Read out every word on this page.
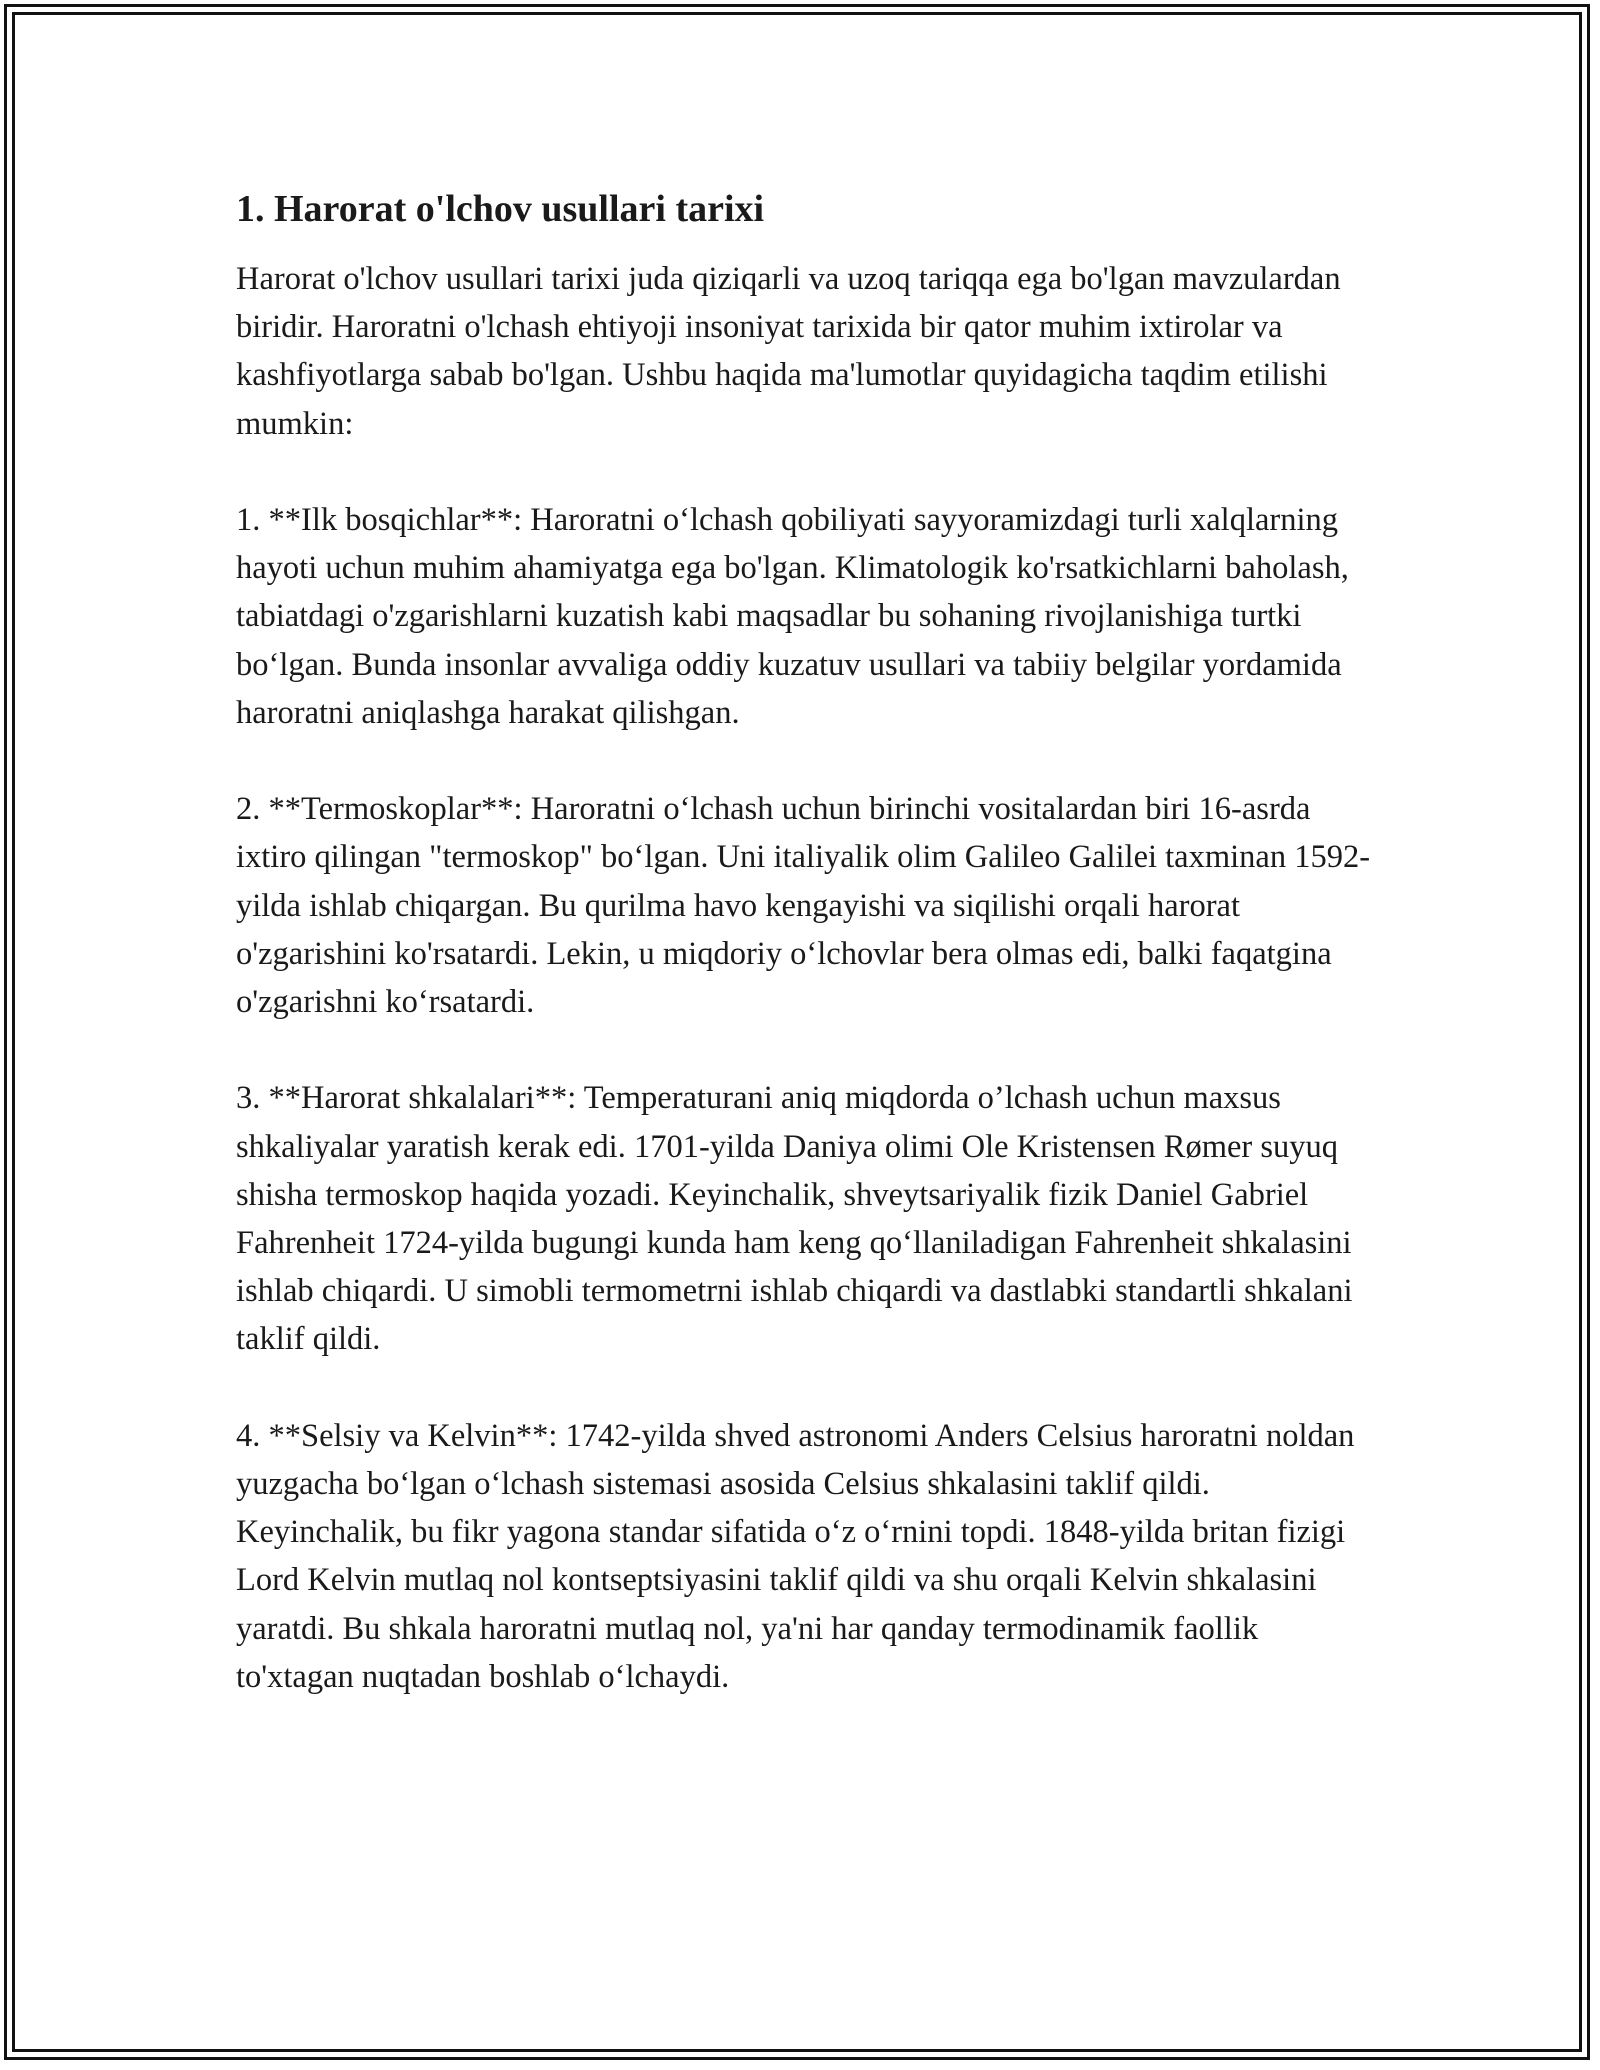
1. Harorat o'lchov usullari tarixi

Harorat o'lchov usullari tarixi juda qiziqarli va uzoq tariqqa ega bo'lgan mavzulardan biridir. Haroratni o'lchash ehtiyoji insoniyat tarixida bir qator muhim ixtirolar va kashfiyotlarga sabab bo'lgan. Ushbu haqida ma'lumotlar quyidagicha taqdim etilishi mumkin:

1. **Ilk bosqichlar**: Haroratni o‘lchash qobiliyati sayyoramizdagi turli xalqlarning hayoti uchun muhim ahamiyatga ega bo'lgan. Klimatologik ko'rsatkichlarni baholash, tabiatdagi o'zgarishlarni kuzatish kabi maqsadlar bu sohaning rivojlanishiga turtki bo‘lgan. Bunda insonlar avvaliga oddiy kuzatuv usullari va tabiiy belgilar yordamida haroratni aniqlashga harakat qilishgan.

2. **Termoskoplar**: Haroratni o‘lchash uchun birinchi vositalardan biri 16-asrda ixtiro qilingan "termoskop" bo‘lgan. Uni italiyalik olim Galileo Galilei taxminan 1592-yilda ishlab chiqargan. Bu qurilma havo kengayishi va siqilishi orqali harorat o'zgarishini ko'rsatardi. Lekin, u miqdoriy o‘lchovlar bera olmas edi, balki faqatgina o'zgarishni ko‘rsatardi.

3. **Harorat shkalalari**: Temperaturani aniq miqdorda o’lchash uchun maxsus shkaliyalar yaratish kerak edi. 1701-yilda Daniya olimi Ole Kristensen Rømer suyuq shisha termoskop haqida yozadi. Keyinchalik, shveytsariyalik fizik Daniel Gabriel Fahrenheit 1724-yilda bugungi kunda ham keng qo‘llaniladigan Fahrenheit shkalasini ishlab chiqardi. U simobli termometrni ishlab chiqardi va dastlabki standartli shkalani taklif qildi.

4. **Selsiy va Kelvin**: 1742-yilda shved astronomi Anders Celsius haroratni noldan yuzgacha bo‘lgan o‘lchash sistemasi asosida Celsius shkalasini taklif qildi. Keyinchalik, bu fikr yagona standar sifatida o‘z o‘rnini topdi. 1848-yilda britan fizigi Lord Kelvin mutlaq nol kontseptsiyasini taklif qildi va shu orqali Kelvin shkalasini yaratdi. Bu shkala haroratni mutlaq nol, ya'ni har qanday termodinamik faollik to'xtagan nuqtadan boshlab o‘lchaydi.
